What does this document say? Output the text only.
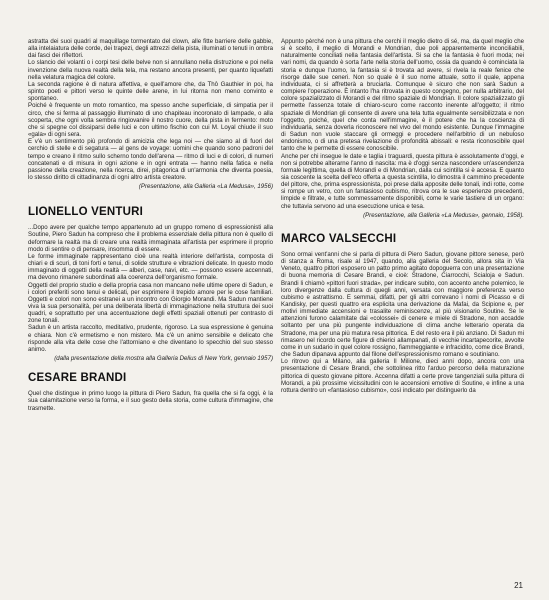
astratta dei suoi quadri al maquillage tormentato del clown, alle fitte barriere delle gabbie, alla intelaiatura delle corde, dei trapezi, degli attrezzi della pista, illuminati o tenuti in ombra dai fasci dei riflettori.

Lo slancio dei volanti o i corpi tesi delle belve non si annullano nella distruzione e poi nella invenzione della nuova realtà della tela, ma restano ancora presenti, per quanto liquefatti nella velatura magica del colore.

La seconda ragione è di natura affettiva, e quell'amore che, da Thô Gauthier in poi, ha spinto poeti e pittori verso le quinte delle arene, in lui ritorna non meno convinto e spontaneo.

Poiché è frequente un moto romantico, ma spesso anche superficiale, di simpatia per il circo, che si ferma al passaggio illuminato di uno chapiteau incoronato di lampade, o alla scoperta, che ogni volta sembra ringiovanire il nostro cuore, della pista in fermento: moto che si spegne col dissiparsi delle luci e con ultimo fischio con cui M. Loyal chiude il suo «gala» di ogni sera.

E v'è un sentimento più profondo di amicizia che lega noi — che siamo al di fuori del cerchio di stelle e di segatura — al gens de voyage: uomini che quando sono padroni del tempo e creano il ritmo sullo scherno tondo dell'arena — ritmo di luci e di colori, di numeri concatenati e di misura in ogni azione e in ogni entrata — hanno nella fatica e nella passione della creazione, nella ricerca, direi, pitagorica di un'armonia che diventa poesia, lo stesso diritto di cittadinanza di ogni altro artista creatore.

(Presentazione, alla Galleria «La Medusa», 1956)

LIONELLO VENTURI

...Dopo avere per qualche tempo appartenuto ad un gruppo romeno di espressionisti alla Soutine, Piero Sadun ha compreso che il problema essenziale della pittura non è quello di deformare la realtà ma di creare una realtà immaginata all'artista per esprimere il proprio modo di sentire o di pensare, insomma di essere.

Le forme immaginate rappresentano cioè una realtà interiore dell'artista, composta di chiari e di scuri, di toni forti e tenui, di solide strutture e vibrazioni delicate. In questo modo immaginato di oggetti della realtà — alberi, case, navi, etc. — possono essere accennati, ma devono rimanere subordinati alla coerenza dell'organismo formale.

Oggetti del proprio studio e della propria casa non mancano nelle ultime opere di Sadun, e i colori preferiti sono tenui e delicati, per esprimere il trepido amore per le cose familiari. Oggetti e colori non sono estranei a un incontro con Giorgio Morandi. Ma Sadun mantiene viva la sua personalità, per una deliberata libertà di immaginazione nella struttura dei suoi quadri, e soprattutto per una accentuazione degli effetti spaziali ottenuti per contrasto di zone tonali.

Sadun è un artista raccolto, meditativo, prudente, rigoroso. La sua espressione è genuina e chiara. Non c'è ermetismo e non mistero. Ma c'è un animo sensibile e delicato che risponde alla vita delle cose che l'attorniano e che diventano lo specchio del suo stesso animo.

(dalla presentazione della mostra alla Galleria Delius di New York, gennaio 1957)

CESARE BRANDI

Quel che distingue in primo luogo la pittura di Piero Sadun, fra quella che si fa oggi, è la sua calamitazione verso la forma, e il suo gesto della storia, come cultura d'immagine, che trasmette.

Appunto pèrché non è una pittura che cerchi il meglio dietro di sé, ma, da quel meglio che si è scelto, il meglio di Morandi e Mondrian, due poli apparentemente inconciliabili, naturalmente conciliati nella fantasia dell'artista. Si sa che la fantasia è fuori moda; nei vari nomi, da quando è sorta l'arte nella storia dell'uomo, ossia da quando è cominciata la storia e dunque l'uomo, la fantasia si è trovata ad avere, si rivela la reale fenice che risorge dalle sue ceneri. Non so quale è il suo nome attuale, sotto il quale, appena individuata, ci si affretterà a bruciarla. Comunque è sicuro che non sarà Sadun a compiere l'operazione. È intanto l'ha ritrovata in questo congegno, per nulla arbitrario, del colore spazializzato di Morandi e del ritmo spaziale di Mondrian. Il colore spazializzato gli permette l'assenza totale di chiaro-scuro come racconto inerente all'oggetto; il ritmo spaziale di Mondrian gli consente di avere una tela tutta egualmente sensibilizzata e non l'oggetto, poiché, quel che conta nell'immagine, è il potere che ha la coscienza di individuarla, senza doverla riconoscere nel vivo del mondo esistente. Dunque l'immagine di Sadun non vuole staccare gli ormeggi e procedere nell'arbitrio di un nebuloso endonismo, o di una pretesa rivelazione di profondità abissali: e resta riconoscibile quel tanto che le permette di essere conoscibile.

Anche per chi insegue le date e taglia i traguardi, questa pittura è assolutamente d'oggi, e non si potrebbe alterarne l'anno di nascita: ma è d'oggi senza nascondere un'ascendenza formale legittima, quella di Morandi e di Mondrian, dalla cui scintilla si è accesa. E quanto sia coscente la scelta dell'eco offerta a questa scintilla, lo dimostra il cammino precedente del pittore, che, prima espressionista, poi prese dalla apposite delle tonali, indi rotte, come si rompe un vetro, con un fantasioso cubismo, ritrova ora le sue esperienze precedenti, limpide e filtrate, e tutte sommessamente disponibili, come le varie tastiere di un organo: che tuttavia servono ad una esecuzione unica e tesa.

(Presentazione, alla Galleria «La Medusa», gennaio, 1958).

MARCO VALSECCHI

Sono ormai vent'anni che si parla di pittura di Piero Sadun, giovane pittore senese, però di stanza a Roma, risale al 1947, quando, alla galleria del Secolo, allora sita in Via Veneto, quattro pittori esposero un patto primo agitato dopoguerra con una presentazione di buona memoria di Cesare Brandi, e cioè: Stradone, Ciarrocchi, Scialoja e Sadun. Brandi li chiamò «pittori fuori strada», per indicare subito, con accento anche polemico, le loro divergenze dalla cultura di quegli anni, versata con maggiore preferenza verso cubismo e astrattismo. E semmai, difatti, per gli altri correvano i nomi di Picasso e di Kandisky, per questi quattro era esplicita una derivazione da Mafai, da Scipione e, per motivi immediate accensioni e trasalite reminiscenze, al più visionario Soutine. Se le attenzioni furono calamitate dai «colossei» di cenere e miele di Stradone, non accadde soltanto per una più pungente individuazione di clima anche letterario operata da Stradone, ma per una più matura resa pittorica. E del resto era il più anziano. Di Sadun mi rimasero nel ricordo certe figure di chierici allampanati, di vecchie incartapecorite, avvolte come in un sudario in quel colore rossigno, fiammeggiante e infracidito, come dice Brandi, che Sadun dipanava appunto dal filone dell'espressionismo romano e soutiniano.

Lo ritrovo qui a Milano, alla galleria Il Milione, dieci anni dopo, ancora con una presentazione di Cesare Brandi, che sottolinea ritto l'arduo percorso della maturazione pittorica di questo giovane pittore. Accenna difatti a certe prove tangenziali sulla pittura di Morandi, a più prossime vicissitudini con le accensioni emotive di Soutine, e infine a una rottura dentro un «fantasioso cubismo», così indicato per distinguerlo da

21
